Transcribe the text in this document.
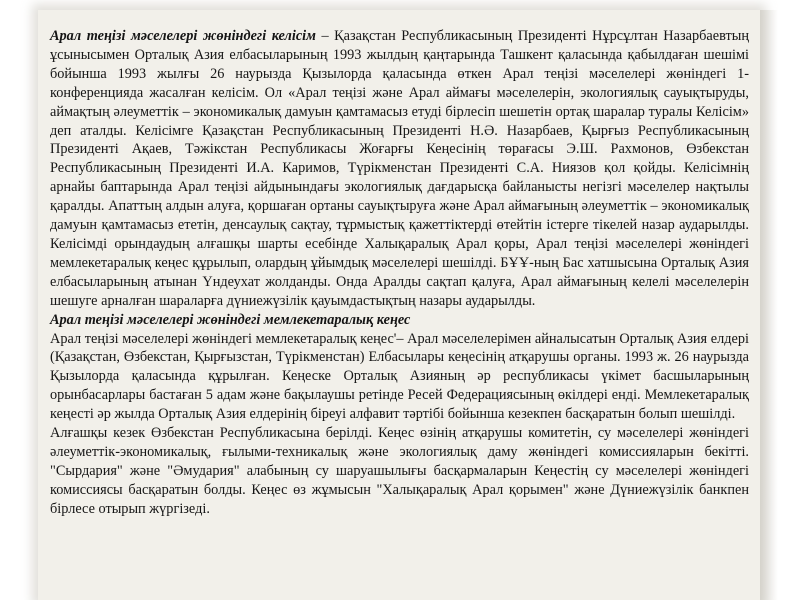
Арал теңізі мәселелері жөніндегі келісім – Қазақстан Республикасының Президенті Нұрсұлтан Назарбаевтың ұсынысымен Орталық Азия елбасыларының 1993 жылдың қаңтарында Ташкент қаласында қабылдаған шешімі бойынша 1993 жылғы 26 наурызда Қызылорда қаласында өткен Арал теңізі мәселелері жөніндегі 1-конференцияда жасалған келісім. Ол «Арал теңізі және Арал аймағы мәселелерін, экологиялық сауықтыруды, аймақтың әлеуметтік – экономикалық дамуын қамтамасыз етуді бірлесіп шешетін ортақ шаралар туралы Келісім» деп аталды. Келісімге Қазақстан Республикасының Президенті Н.Ә. Назарбаев, Қырғыз Республикасының Президенті Ақаев, Тәжікстан Республикасы Жоғарғы Кеңесінің төрағасы Э.Ш. Рахмонов, Өзбекстан Республикасының Президенті И.А. Каримов, Түрікменстан Президенті С.А. Ниязов қол қойды. Келісімнің арнайы баптарында Арал теңізі айдынындағы экологиялық дағдарысқа байланысты негізгі мәселелер нақтылы қаралды. Апаттың алдын алуға, қоршаған ортаны сауықтыруға және Арал аймағының әлеуметтік – экономикалық дамуын қамтамасыз ететін, денсаулық сақтау, тұрмыстық қажеттіктерді өтейтін істерге тікелей назар аударылды. Келісімді орындаудың алғашқы шарты есебінде Халықаралық Арал қоры, Арал теңізі мәселелері жөніндегі мемлекетаралық кеңес құрылып, олардың ұйымдық мәселелері шешілді. БҰҰ-ның Бас хатшысына Орталық Азия елбасыларының атынан Үндеухат жолданды. Онда Аралды сақтап қалуға, Арал аймағының келелі мәселелерін шешуге арналған шараларға дүниежүзілік қауымдастықтың назары аударылды.

Арал теңізі мәселелері жөніндегі мемлекетаралық кеңес

Арал теңізі мәселелері жөніндегі мемлекетаралық кеңес'– Арал мәселелерімен айналысатын Орталық Азия елдері (Қазақстан, Өзбекстан, Қырғызстан, Түрікменстан) Елбасылары кеңесінің атқарушы органы. 1993 ж. 26 наурызда Қызылорда қаласында құрылған. Кеңеске Орталық Азияның әр республикасы үкімет басшыларының орынбасарлары бастаған 5 адам және бақылаушы ретінде Ресей Федерациясының өкілдері енді. Мемлекетаралық кеңесті әр жылда Орталық Азия елдерінің біреуі алфавит тәртібі бойынша кезекпен басқаратын болып шешілді.

Алғашқы кезек Өзбекстан Республикасына берілді. Кеңес өзінің атқарушы комитетін, су мәселелері жөніндегі әлеуметтік-экономикалық, ғылыми-техникалық және экологиялық даму жөніндегі комиссияларын бекітті. "Сырдария" және "Әмудария" алабының су шаруашылығы басқармаларын Кеңестің су мәселелері жөніндегі комиссиясы басқаратын болды. Кеңес өз жұмысын "Халықаралық Арал қорымен" және Дүниежүзілік банкпен бірлесе отырып жүргізеді.
